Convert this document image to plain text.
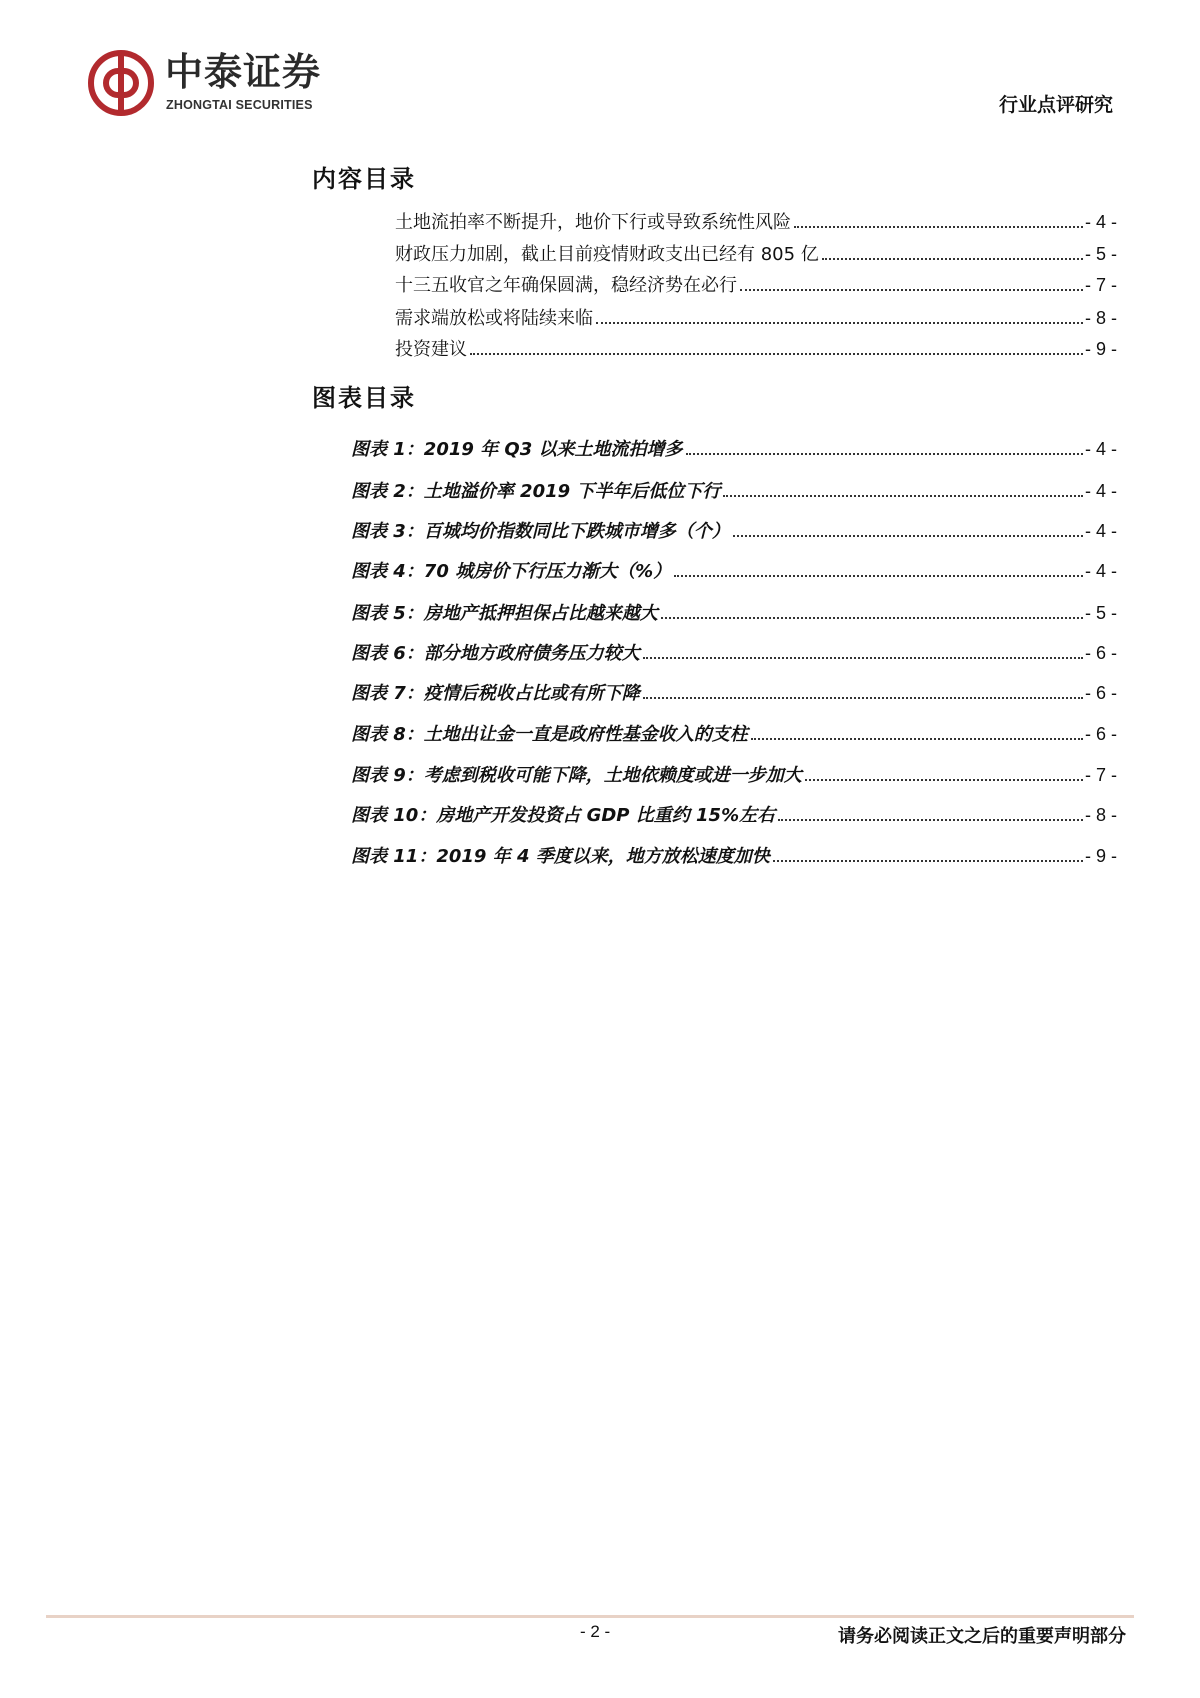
中泰证券
ZHONGTAI SECURITIES	行业点评研究
内容目录
土地流拍率不断提升，地价下行或导致系统性风险	- 4 -
财政压力加剧，截止目前疫情财政支出已经有 805 亿	- 5 -
十三五收官之年确保圆满，稳经济势在必行	- 7 -
需求端放松或将陆续来临	- 8 -
投资建议	- 9 -
图表目录
图表 1：2019 年 Q3 以来土地流拍增多	- 4 -
图表 2：土地溢价率 2019 下半年后低位下行	- 4 -
图表 3：百城均价指数同比下跌城市增多（个）	- 4 -
图表 4：70 城房价下行压力渐大（%）	- 4 -
图表 5：房地产抵押担保占比越来越大	- 5 -
图表 6：部分地方政府债务压力较大	- 6 -
图表 7：疫情后税收占比或有所下降	- 6 -
图表 8：土地出让金一直是政府性基金收入的支柱	- 6 -
图表 9：考虑到税收可能下降，土地依赖度或进一步加大	- 7 -
图表 10：房地产开发投资占 GDP 比重约 15%左右	- 8 -
图表 11：2019 年 4 季度以来，地方放松速度加快	- 9 -
- 2 -	请务必阅读正文之后的重要声明部分
